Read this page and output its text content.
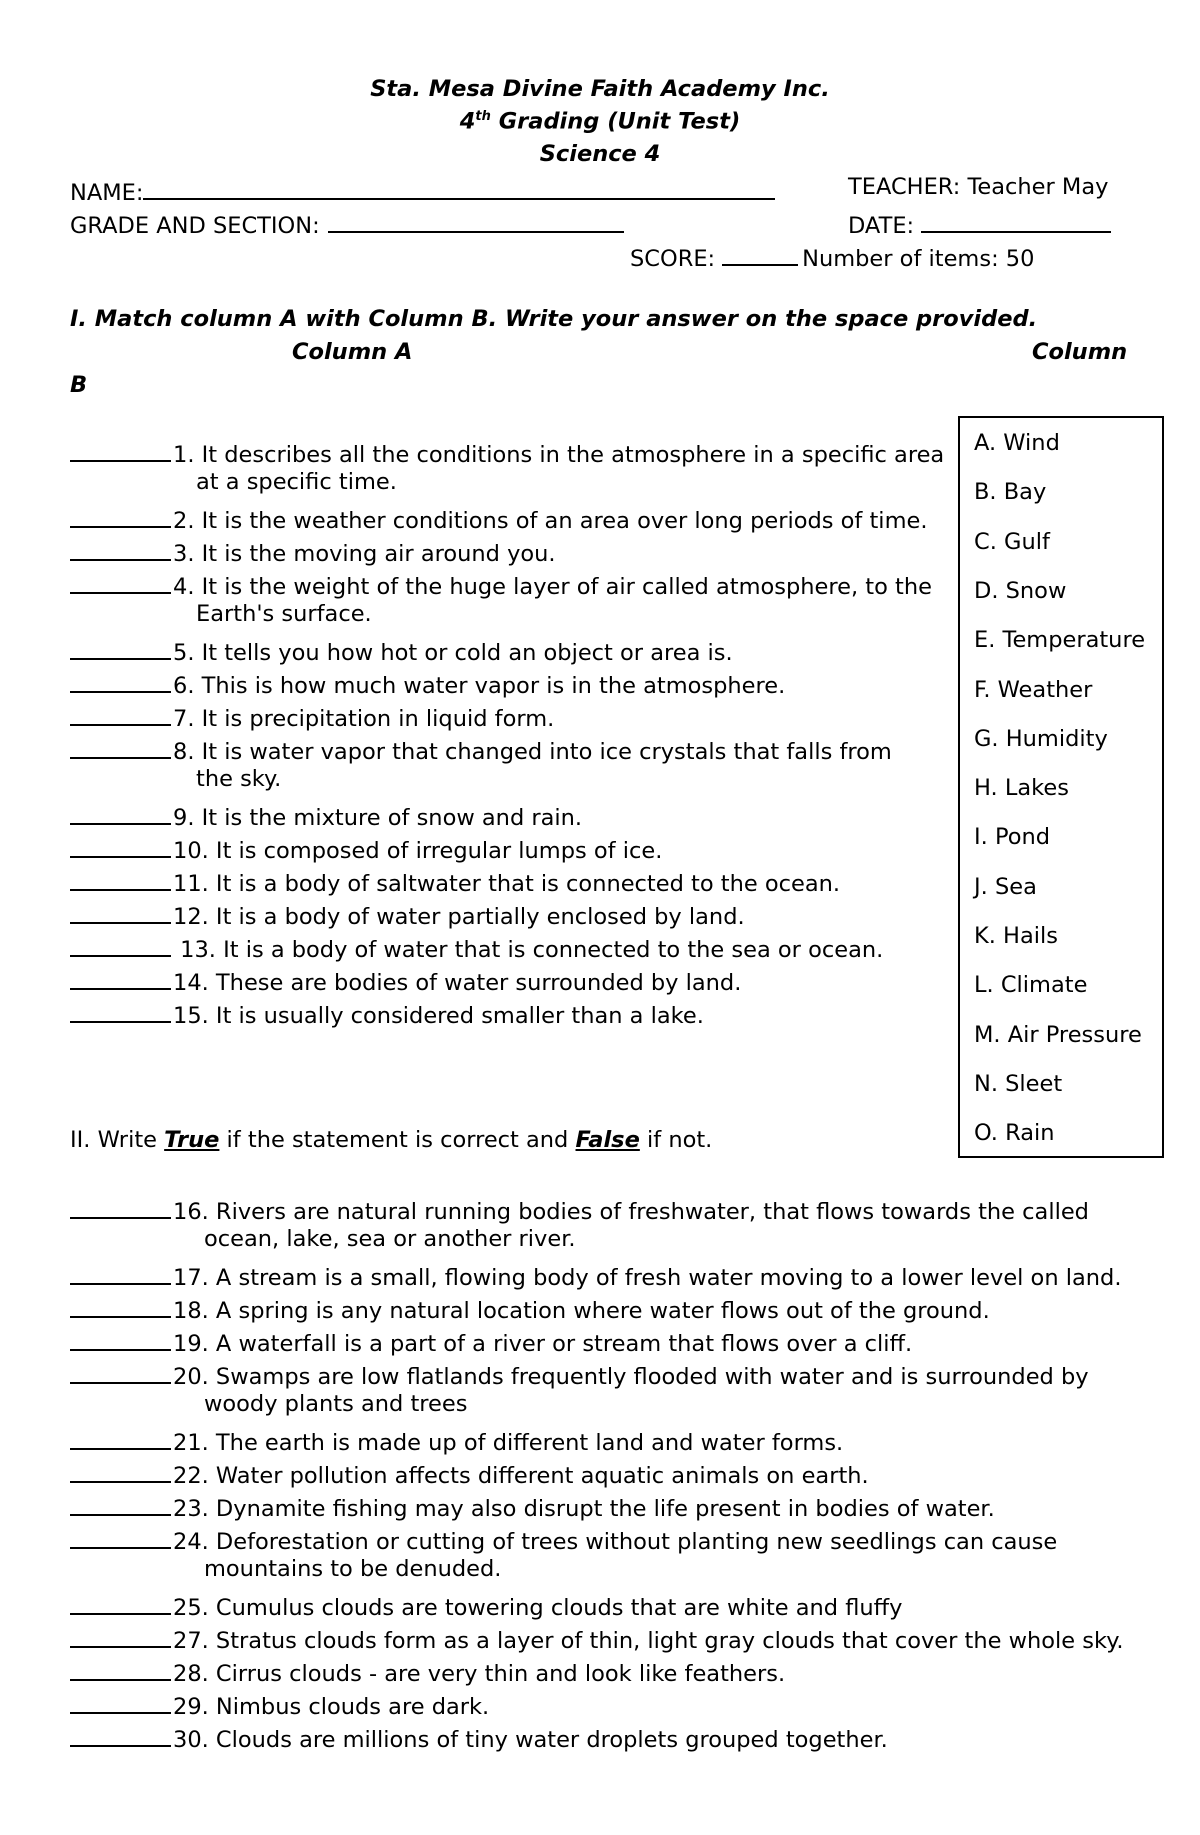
Sta. Mesa Divine Faith Academy Inc.
4th Grading (Unit Test)
Science 4
NAME:	TEACHER: Teacher May
GRADE AND SECTION:	DATE:
SCORE:	Number of items: 50
I. Match column A with Column B. Write your answer on the space provided.
Column A	Column
B
1. It describes all the conditions in the atmosphere in a specific area
at a specific time.
2. It is the weather conditions of an area over long periods of time.
3. It is the moving air around you.
4. It is the weight of the huge layer of air called atmosphere, to the
Earth's surface.
5. It tells you how hot or cold an object or area is.
6. This is how much water vapor is in the atmosphere.
7. It is precipitation in liquid form.
8. It is water vapor that changed into ice crystals that falls from
the sky.
9. It is the mixture of snow and rain.
10. It is composed of irregular lumps of ice.
11. It is a body of saltwater that is connected to the ocean.
12. It is a body of water partially enclosed by land.
13. It is a body of water that is connected to the sea or ocean.
14. These are bodies of water surrounded by land.
15. It is usually considered smaller than a lake.
A. Wind
B. Bay
C. Gulf
D. Snow
E. Temperature
F. Weather
G. Humidity
H. Lakes
I. Pond
J. Sea
K. Hails
L. Climate
M. Air Pressure
N. Sleet
O. Rain
II. Write True if the statement is correct and False if not.
16. Rivers are natural running bodies of freshwater, that flows towards the called
ocean, lake, sea or another river.
17. A stream is a small, flowing body of fresh water moving to a lower level on land.
18. A spring is any natural location where water flows out of the ground.
19. A waterfall is a part of a river or stream that flows over a cliff.
20. Swamps are low flatlands frequently flooded with water and is surrounded by
woody plants and trees
21. The earth is made up of different land and water forms.
22. Water pollution affects different aquatic animals on earth.
23. Dynamite fishing may also disrupt the life present in bodies of water.
24. Deforestation or cutting of trees without planting new seedlings can cause
mountains to be denuded.
25. Cumulus clouds are towering clouds that are white and fluffy
27. Stratus clouds form as a layer of thin, light gray clouds that cover the whole sky.
28. Cirrus clouds - are very thin and look like feathers.
29. Nimbus clouds are dark.
30. Clouds are millions of tiny water droplets grouped together.
